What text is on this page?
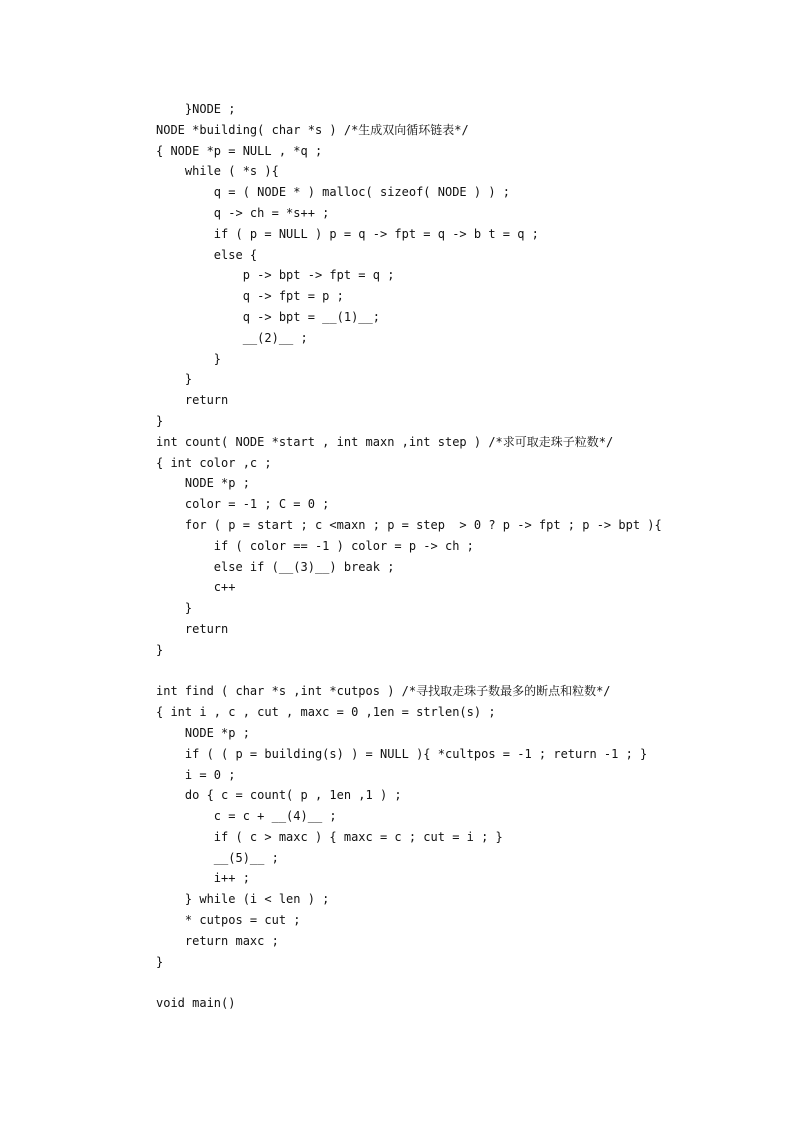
}NODE ;
NODE *building( char *s ) /*生成双向循环链表*/
{ NODE *p = NULL , *q ;
while ( *s ){
q = ( NODE * ) malloc( sizeof( NODE ) ) ;
q -> ch = *s++ ;
if ( p = NULL ) p = q -> fpt = q -> b t = q ;
else {
p -> bpt -> fpt = q ;
q -> fpt = p ;
q -> bpt = __(1)__;
__(2)__ ;
}
}
return
}
int count( NODE *start , int maxn ,int step ) /*求可取走珠子粒数*/
{ int color ,c ;
NODE *p ;
color = -1 ; C = 0 ;
for ( p = start ; c <maxn ; p = step  > 0 ? p -> fpt ; p -> bpt ){
if ( color == -1 ) color = p -> ch ;
else if (__(3)__) break ;
c++
}
return
}
int find ( char *s ,int *cutpos ) /*寻找取走珠子数最多的断点和粒数*/
{ int i , c , cut , maxc = 0 ,1en = strlen(s) ;
NODE *p ;
if ( ( p = building(s) ) = NULL ){ *cultpos = -1 ; return -1 ; }
i = 0 ;
do { c = count( p , 1en ,1 ) ;
c = c + __(4)__ ;
if ( c > maxc ) { maxc = c ; cut = i ; }
__(5)__ ;
i++ ;
} while (i < len ) ;
* cutpos = cut ;
return maxc ;
}
void main()
